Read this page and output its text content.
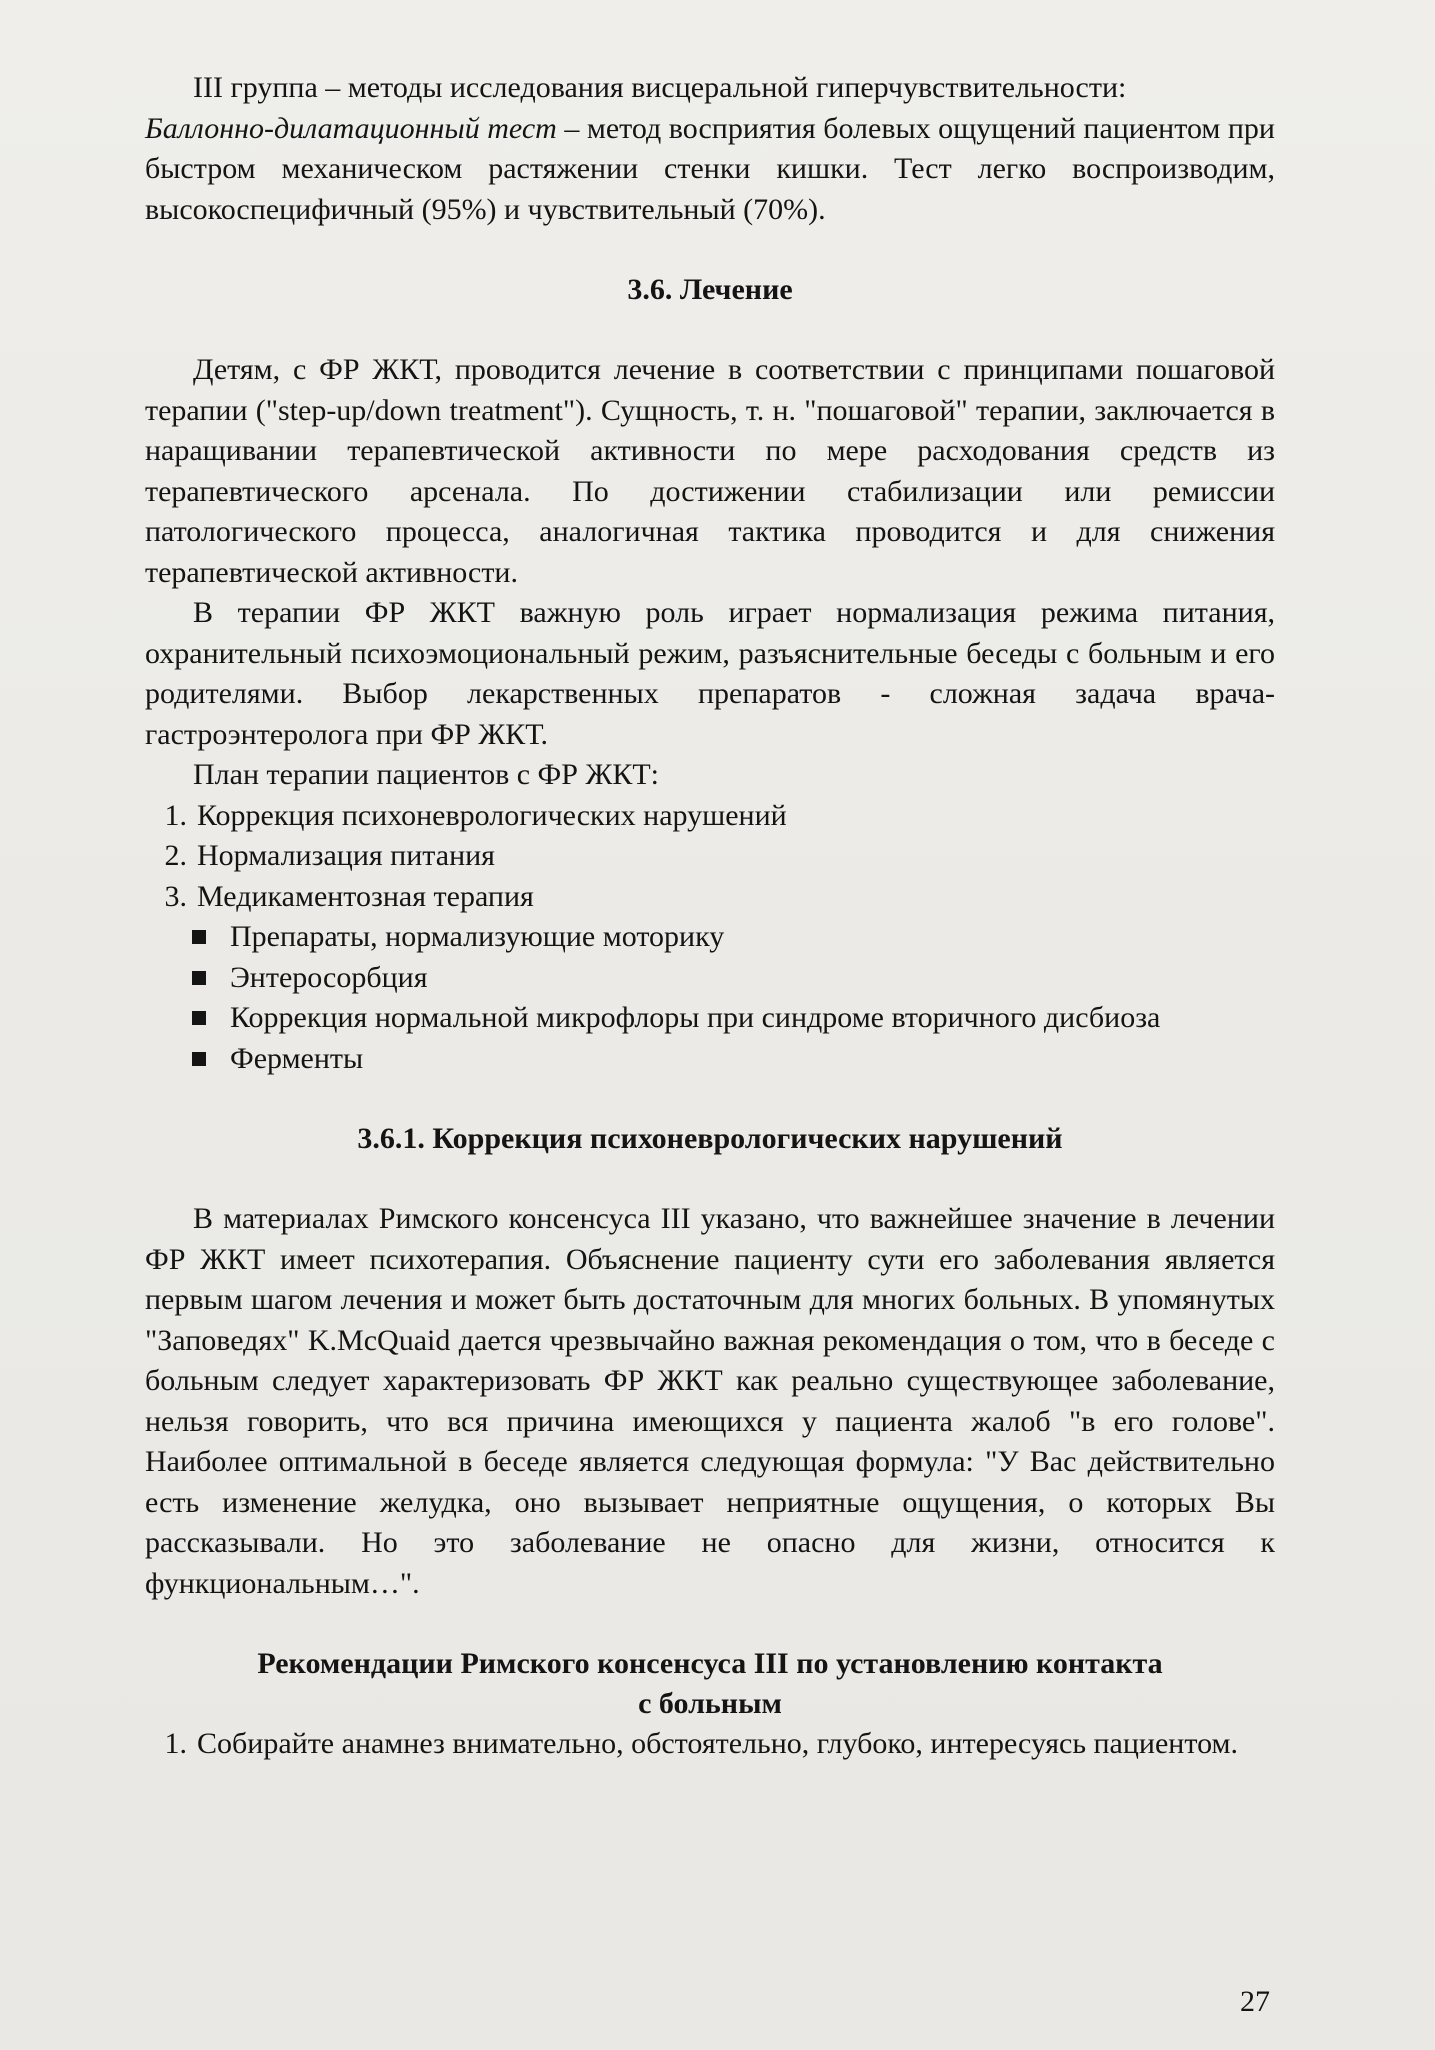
III группа – методы исследования висцеральной гиперчувствительности:

Баллонно-дилатационный тест – метод восприятия болевых ощущений пациентом при быстром механическом растяжении стенки кишки. Тест легко воспроизводим, высокоспецифичный (95%) и чувствительный (70%).

3.6. Лечение

Детям, с ФР ЖКТ, проводится лечение в соответствии с принципами пошаговой терапии ("step-up/down treatment"). Сущность, т. н. "пошаговой" терапии, заключается в наращивании терапевтической активности по мере расходования средств из терапевтического арсенала. По достижении стабилизации или ремиссии патологического процесса, аналогичная тактика проводится и для снижения терапевтической активности.

В терапии ФР ЖКТ важную роль играет нормализация режима питания, охранительный психоэмоциональный режим, разъяснительные беседы с больным и его родителями. Выбор лекарственных препаратов - сложная задача врача-гастроэнтеролога при ФР ЖКТ.

План терапии пациентов с ФР ЖКТ:

1. Коррекция психоневрологических нарушений
2. Нормализация питания
3. Медикаментозная терапия
Препараты, нормализующие моторику
Энтеросорбция
Коррекция нормальной микрофлоры при синдроме вторичного дисбиоза
Ферменты
3.6.1. Коррекция психоневрологических нарушений

В материалах Римского консенсуса III указано, что важнейшее значение в лечении ФР ЖКТ имеет психотерапия. Объяснение пациенту сути его заболевания является первым шагом лечения и может быть достаточным для многих больных. В упомянутых "Заповедях" K.McQuaid дается чрезвычайно важная рекомендация о том, что в беседе с больным следует характеризовать ФР ЖКТ как реально существующее заболевание, нельзя говорить, что вся причина имеющихся у пациента жалоб "в его голове". Наиболее оптимальной в беседе является следующая формула: "У Вас действительно есть изменение желудка, оно вызывает неприятные ощущения, о которых Вы рассказывали. Но это заболевание не опасно для жизни, относится к функциональным…".

Рекомендации Римского консенсуса III по установлению контакта
с больным
1. Собирайте анамнез внимательно, обстоятельно, глубоко, интересуясь пациентом.
27
